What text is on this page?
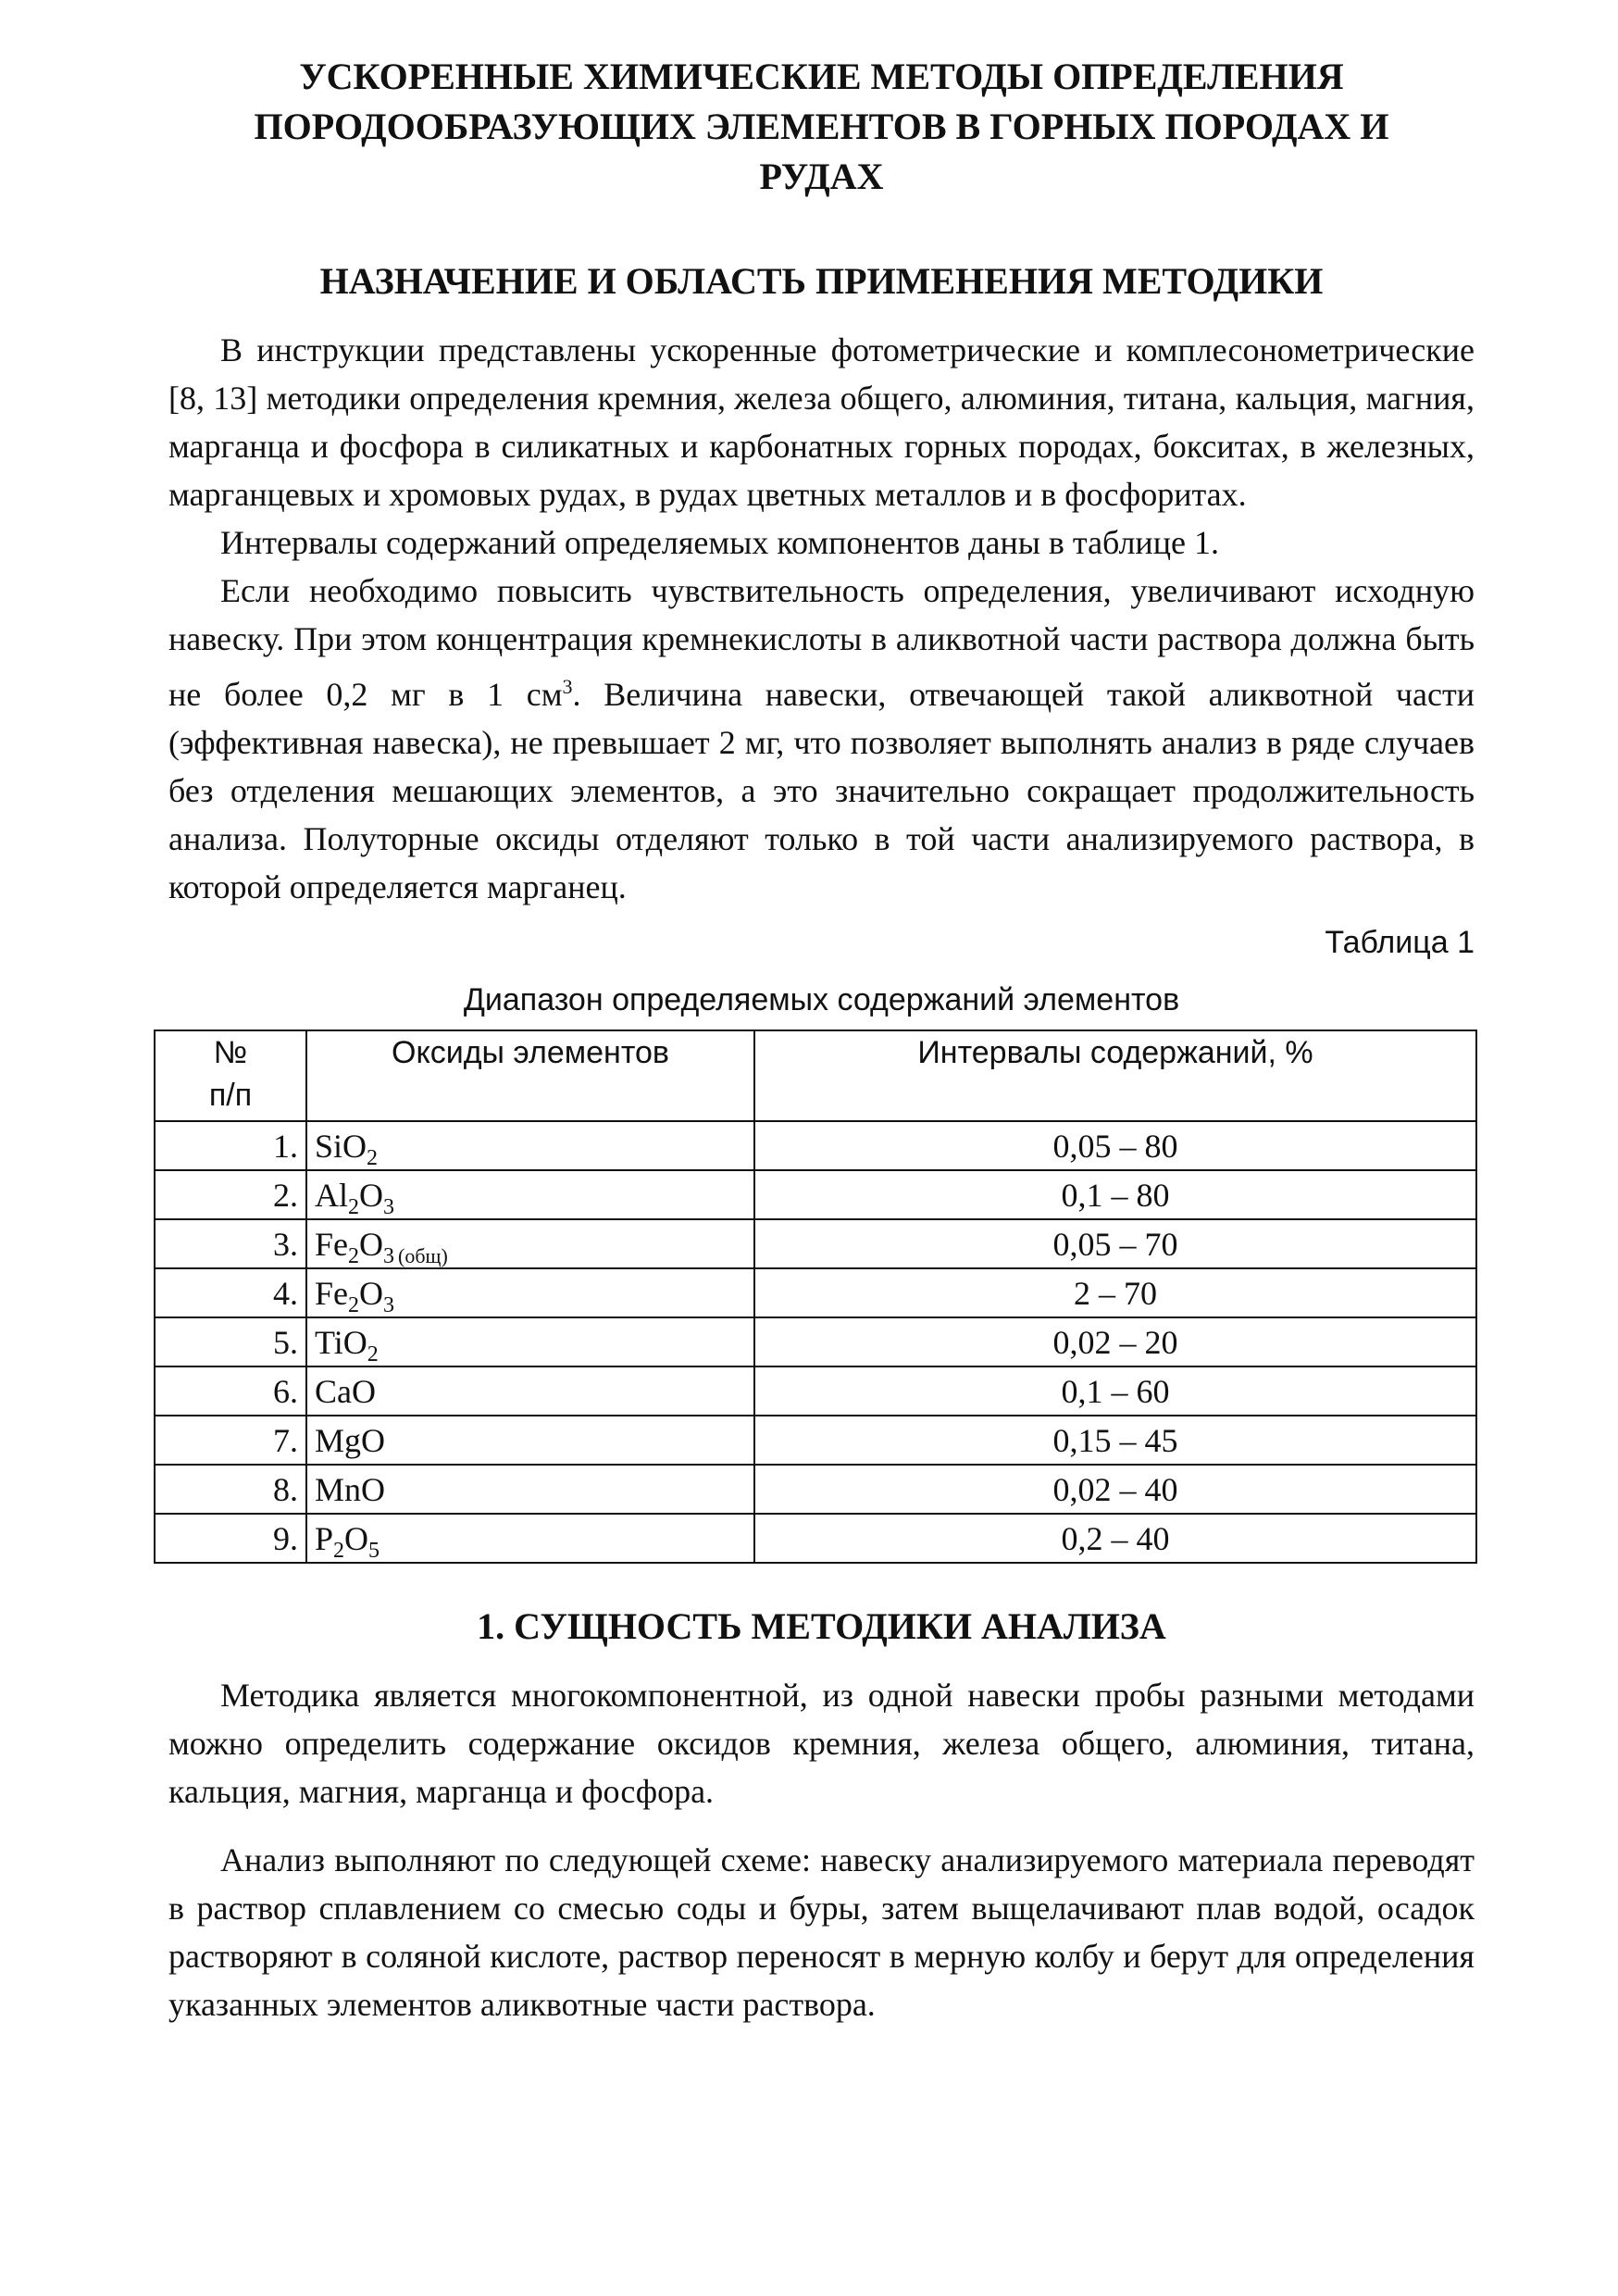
УСКОРЕННЫЕ ХИМИЧЕСКИЕ МЕТОДЫ ОПРЕДЕЛЕНИЯ
ПОРОДООБРАЗУЮЩИХ ЭЛЕМЕНТОВ В ГОРНЫХ ПОРОДАХ И
РУДАХ
НАЗНАЧЕНИЕ И ОБЛАСТЬ ПРИМЕНЕНИЯ МЕТОДИКИ

В инструкции представлены ускоренные фотометрические и комплесонометрические [8, 13] методики определения кремния, железа общего, алюминия, титана, кальция, магния, марганца и фосфора в силикатных и карбонатных горных породах, бокситах, в железных, марганцевых и хромовых рудах, в рудах цветных металлов и в фосфоритах.

Интервалы содержаний определяемых компонентов даны в таблице 1.

Если необходимо повысить чувствительность определения, увеличивают исходную навеску. При этом концентрация кремнекислоты в аликвотной части раствора должна быть не более 0,2 мг в 1 $см^3$. Величина навески, отвечающей такой аликвотной части (эффективная навеска), не превышает 2 мг, что позволяет выполнять анализ в ряде случаев без отделения мешающих элементов, а это значительно сокращает продолжительность анализа. Полуторные оксиды отделяют только в той части анализируемого раствора, в которой определяется марганец.

Таблица 1
Диапазон определяемых содержаний элементов
№
п/п	Оксиды элементов	Интервалы содержаний, %
1 .	SiO$_2$	0,05 – 80
2 .	$Al_2O_3$	0,1 – 80
3 .	$Fe_2O_3$ $_{(общ)}$	0,05 – 70
4 .	$Fe_2O_3$	2 – 70
5 .	TiO$_2$	0,02 – 20
6 .	CaO	0,1 – 60
7 .	MgO	0,15 – 45
8 .	MnO	0,02 – 40
9 .	$P_2O_5$	0,2 – 40
1. СУЩНОСТЬ МЕТОДИКИ АНАЛИЗА

Методика является многокомпонентной, из одной навески пробы разными методами можно определить содержание оксидов кремния, железа общего, алюминия, титана, кальция, магния, марганца и фосфора.

Анализ выполняют по следующей схеме: навеску анализируемого материала переводят в раствор сплавлением со смесью соды и буры, затем выщелачивают плав водой, осадок растворяют в соляной кислоте, раствор переносят в мерную колбу и берут для определения указанных элементов аликвотные части раствора.
